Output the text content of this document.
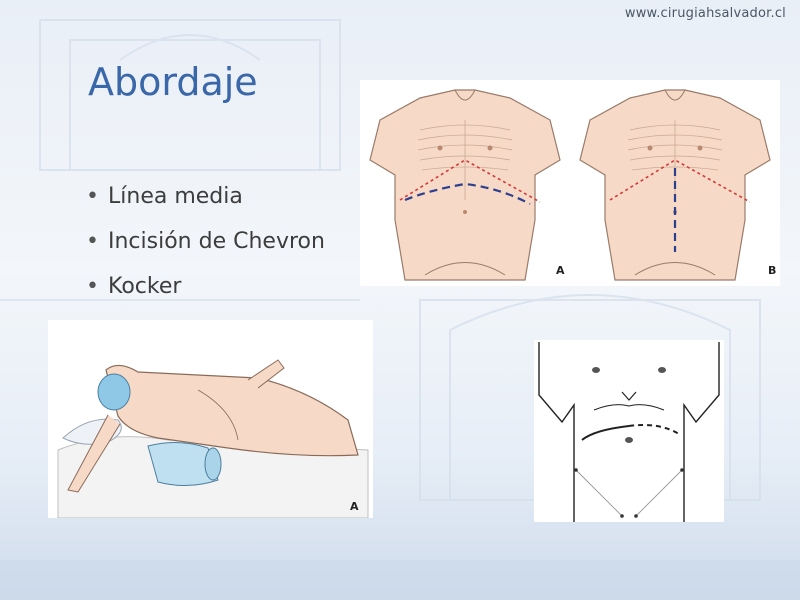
www.cirugiahsalvador.cl
Abordaje
• Línea media
• Incisión de Chevron
• Kocker
A	B
A
